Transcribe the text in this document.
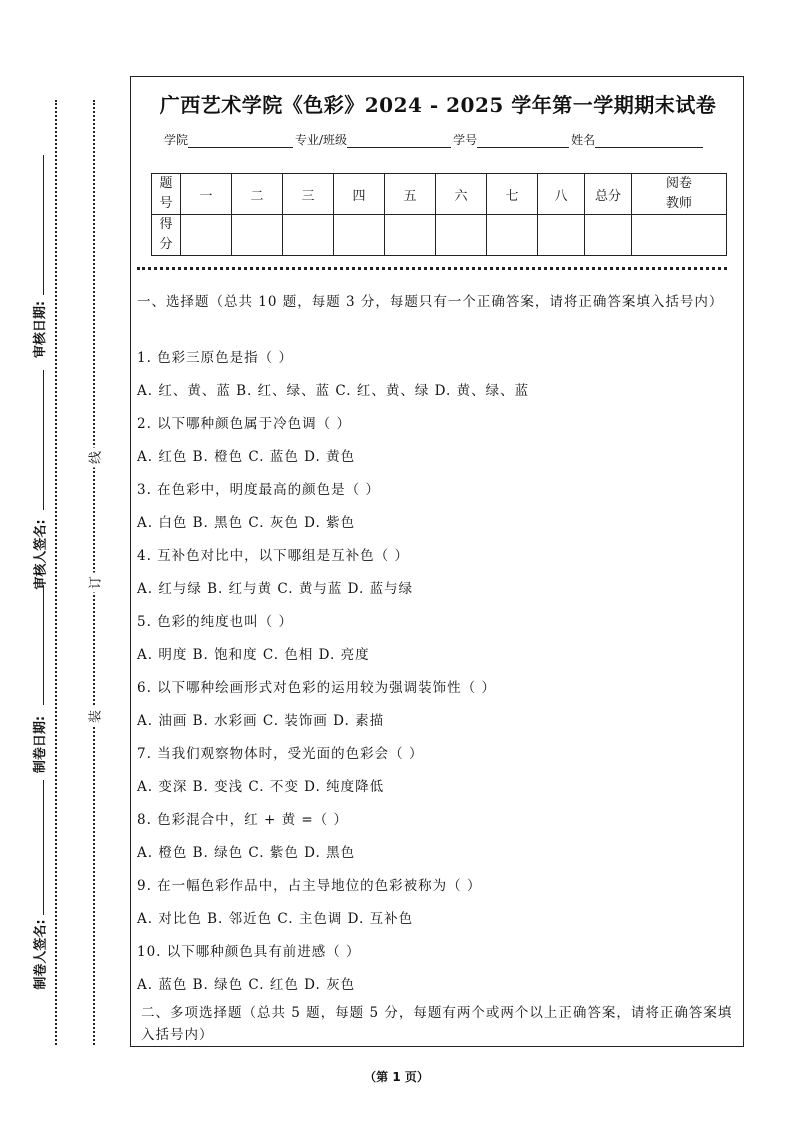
审核日期:
审核人签名:
制卷日期:
制卷人签名:
线
订
装
广西艺术学院《色彩》2024 - 2025 学年第一学期期末试卷
学院	专业/班级	学号	姓名
题
号	一	二	三	四	五	六	七	八	总分	阅卷
教师
得
分										
一、选择题（总共 10 题，每题 3 分，每题只有一个正确答案，请将正确答案填入括号内）
1. 色彩三原色是指（ ）
A. 红、黄、蓝 B. 红、绿、蓝 C. 红、黄、绿 D. 黄、绿、蓝
2. 以下哪种颜色属于冷色调（ ）
A. 红色 B. 橙色 C. 蓝色 D. 黄色
3. 在色彩中，明度最高的颜色是（ ）
A. 白色 B. 黑色 C. 灰色 D. 紫色
4. 互补色对比中，以下哪组是互补色（ ）
A. 红与绿 B. 红与黄 C. 黄与蓝 D. 蓝与绿
5. 色彩的纯度也叫（ ）
A. 明度 B. 饱和度 C. 色相 D. 亮度
6. 以下哪种绘画形式对色彩的运用较为强调装饰性（ ）
A. 油画 B. 水彩画 C. 装饰画 D. 素描
7. 当我们观察物体时，受光面的色彩会（ ）
A. 变深 B. 变浅 C. 不变 D. 纯度降低
8. 色彩混合中，红 + 黄 =（ ）
A. 橙色 B. 绿色 C. 紫色 D. 黑色
9. 在一幅色彩作品中，占主导地位的色彩被称为（ ）
A. 对比色 B. 邻近色 C. 主色调 D. 互补色
10. 以下哪种颜色具有前进感（ ）
A. 蓝色 B. 绿色 C. 红色 D. 灰色
二、多项选择题（总共 5 题，每题 5 分，每题有两个或两个以上正确答案，请将正确答案填入括号内）
（第 1 页）
